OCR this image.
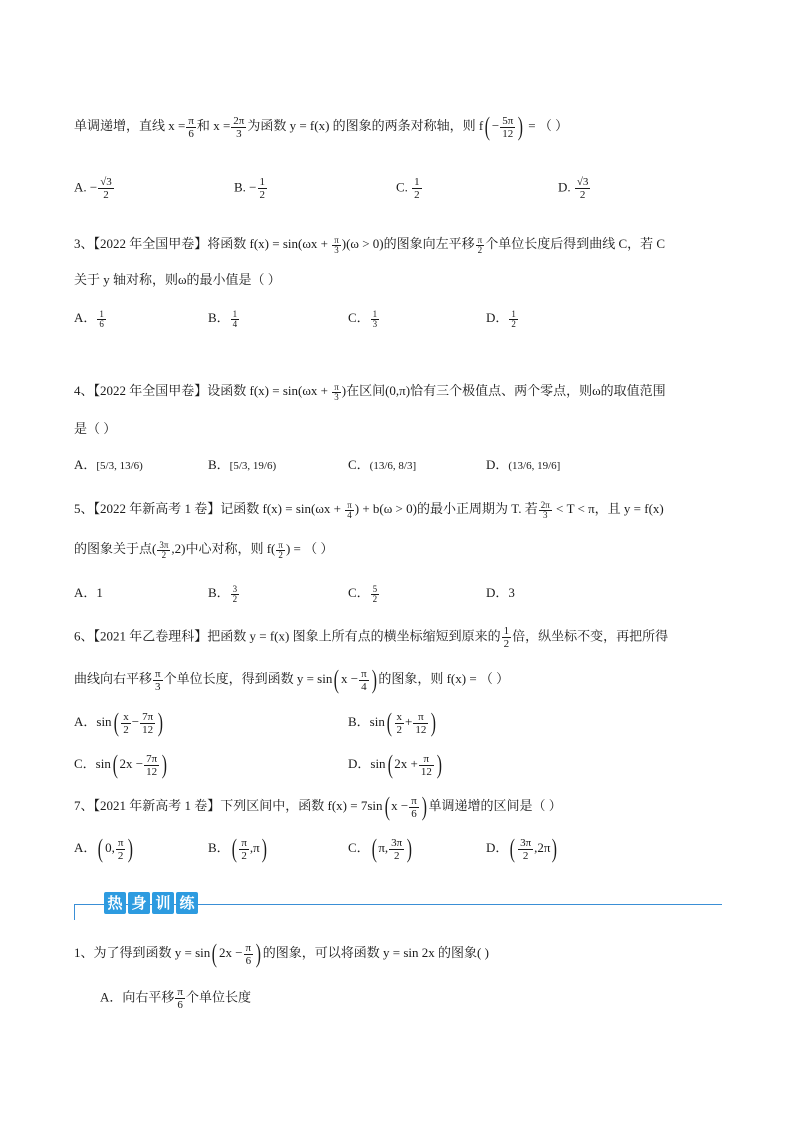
单调递增，直线 $x = \frac{\pi}{6}$ 和 $x = \frac{2\pi}{3}$ 为函数 y = f(x) 的图象的两条对称轴，则 $f( - \frac{5\pi}{12}$ ) = （ ）
A. − $\frac{√3}{2}$	B. − $\frac{1}{2}$	C. $\frac{1}{2}$	D. $\frac{√3}{2}$
3、【2022 年全国甲卷】将函数 $f(x) = \sin(\omega x + \frac{\pi}{3} )(\omega > 0)$的图象向左平移 $\frac{\pi}{2}$ 个单位长度后得到曲线 C，若 C
关于 y 轴对称，则ω的最小值是（ ）
A． $\frac{1}{6}$	B． $\frac{1}{4}$	C． $\frac{1}{3}$	D． $\frac{1}{2}$
4、【2022 年全国甲卷】设函数 $f(x) = \sin(\omega x + \frac{\pi}{3}$ )在区间(0,π)恰有三个极值点、两个零点，则ω的取值范围
是（ ）
A．[5/3, 13/6)	B．[5/3, 19/6)	C．(13/6, 8/3]	D．(13/6, 19/6]
5、【2022 年新高考 1 卷】记函数 $f(x) = \sin(\omega x + \frac{\pi}{4}$ ) + b(ω > 0)的最小正周期为 T. 若 $\frac{2\pi}{3} < T < \pi$，且 y = f(x)
的图象关于点( $\frac{3\pi}{2} ,2$)中心对称，则 $f( \frac{\pi}{2}$ ) = （ ）
A．1	B． $\frac{3}{2}$	C． $\frac{5}{2}$	D．3
6、【2021 年乙卷理科】把函数 y = f(x) 图象上所有点的横坐标缩短到原来的 $\frac{1}{2}$ 倍，纵坐标不变，再把所得
曲线向右平移 $\frac{\pi}{3}$ 个单位长度，得到函数 y = sin( $x - \frac{\pi}{4}$ ) 的图象，则 f(x) = （ ）
A．$\sin( \frac{x}{2} - \frac{7\pi}{12}$ )	B．$\sin( \frac{x}{2} + \frac{\pi}{12}$ )
C．sin( $2x - \frac{7\pi}{12}$ )	D．sin( $2x + \frac{\pi}{12}$ )
7、【2021 年新高考 1 卷】下列区间中，函数 f(x) = 7sin( $x - \frac{\pi}{6}$ ) 单调递增的区间是（ ）
A．( 0, $\frac{\pi}{2}$ )	B．( $\frac{\pi}{2} ,\pi$)	C．( π, $\frac{3\pi}{2}$ )	D．( $\frac{3\pi}{2} ,2\pi$)
热 身 训 练
1、为了得到函数 y = sin( $2x - \frac{\pi}{6}$ ) 的图象，可以将函数 y = sin 2x 的图象( )
A．向右平移 $\frac{\pi}{6}$ 个单位长度
